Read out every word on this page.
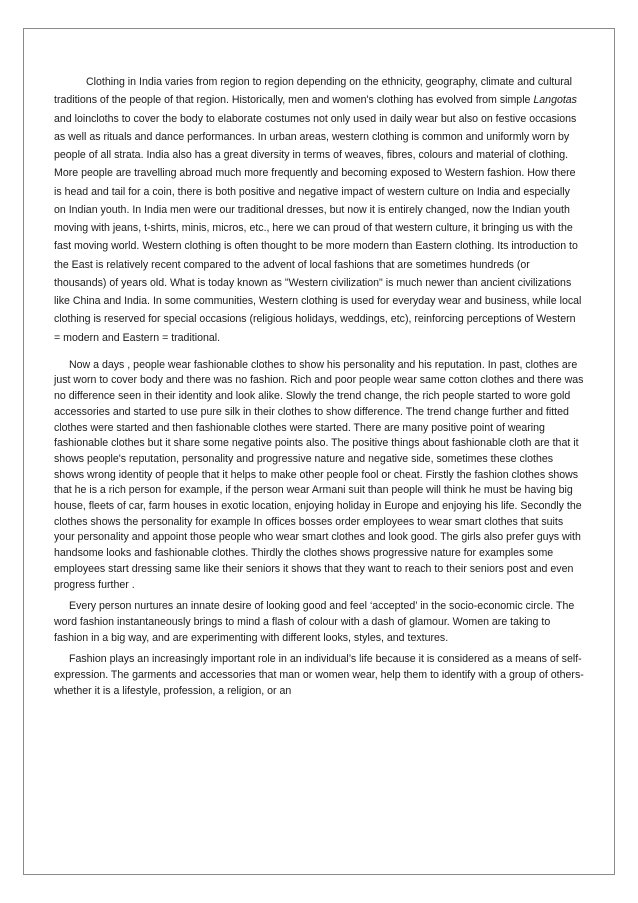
Clothing in India varies from region to region depending on the ethnicity, geography, climate and cultural traditions of the people of that region. Historically, men and women's clothing has evolved from simple Langotas and loincloths to cover the body to elaborate costumes not only used in daily wear but also on festive occasions as well as rituals and dance performances. In urban areas, western clothing is common and uniformly worn by people of all strata. India also has a great diversity in terms of weaves, fibres, colours and material of clothing. More people are travelling abroad much more frequently and becoming exposed to Western fashion. How there is head and tail for a coin, there is both positive and negative impact of western culture on India and especially on Indian youth. In India men were our traditional dresses, but now it is entirely changed, now the Indian youth moving with jeans, t-shirts, minis, micros, etc., here we can proud of that western culture, it bringing us with the fast moving world. Western clothing is often thought to be more modern than Eastern clothing. Its introduction to the East is relatively recent compared to the advent of local fashions that are sometimes hundreds (or thousands) of years old. What is today known as "Western civilization" is much newer than ancient civilizations like China and India. In some communities, Western clothing is used for everyday wear and business, while local clothing is reserved for special occasions (religious holidays, weddings, etc), reinforcing perceptions of Western = modern and Eastern = traditional.

Now a days , people wear fashionable clothes to show his personality and his reputation. In past, clothes are just worn to cover body and there was no fashion. Rich and poor people wear same cotton clothes and there was no difference seen in their identity and look alike. Slowly the trend change, the rich people started to wore gold accessories and started to use pure silk in their clothes to show difference. The trend change further and fitted clothes were started and then fashionable clothes were started. There are many positive point of wearing fashionable clothes but it share some negative points also. The positive things about fashionable cloth are that it shows people's reputation, personality and progressive nature and negative side, sometimes these clothes shows wrong identity of people that it helps to make other people fool or cheat. Firstly the fashion clothes shows that he is a rich person for example, if the person wear Armani suit than people will think he must be having big house, fleets of car, farm houses in exotic location, enjoying holiday in Europe and enjoying his life. Secondly the clothes shows the personality for example In offices bosses order employees to wear smart clothes that suits your personality and appoint those people who wear smart clothes and look good. The girls also prefer guys with handsome looks and fashionable clothes. Thirdly the clothes shows progressive nature for examples some employees start dressing same like their seniors it shows that they want to reach to their seniors post and even progress further .

Every person nurtures an innate desire of looking good and feel ‘accepted’ in the socio-economic circle. The word fashion instantaneously brings to mind a flash of colour with a dash of glamour. Women are taking to fashion in a big way, and are experimenting with different looks, styles, and textures.

Fashion plays an increasingly important role in an individual’s life because it is considered as a means of self-expression. The garments and accessories that man or women wear, help them to identify with a group of others-whether it is a lifestyle, profession, a religion, or an
